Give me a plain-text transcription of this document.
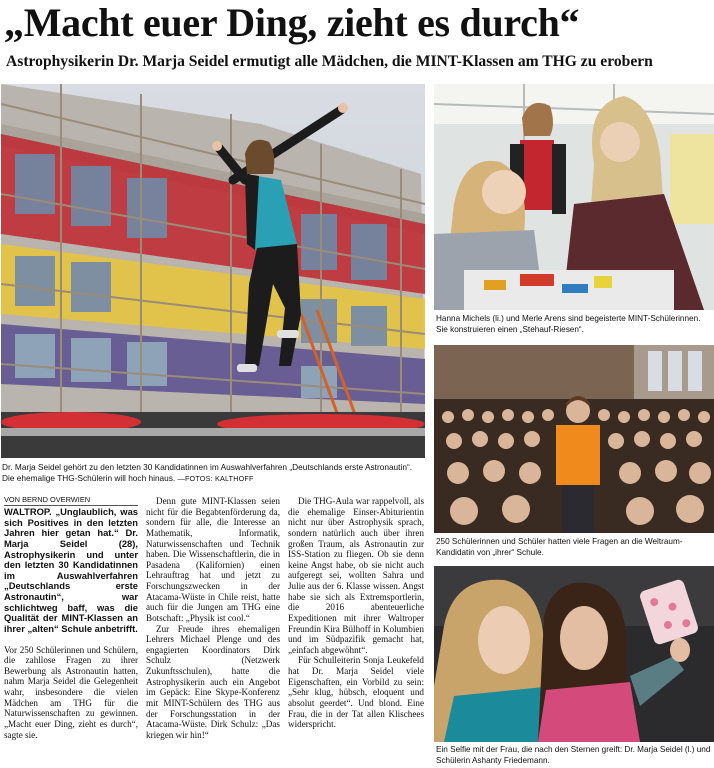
„Macht euer Ding, zieht es durch“
Astrophysikerin Dr. Marja Seidel ermutigt alle Mädchen, die MINT-Klassen am THG zu erobern
Dr. Marja Seidel gehört zu den letzten 30 Kandidatinnen im Auswahlverfahren „Deutschlands erste Astronautin“. Die ehemalige THG-Schülerin will hoch hinaus. —FOTOS: KALTHOFF
Hanna Michels (li.) und Merle Arens sind begeisterte MINT-Schülerinnen. Sie konstruieren einen „Stehauf-Riesen“.
250 Schülerinnen und Schüler hatten viele Fragen an die Weltraum-Kandidatin von „ihrer“ Schule.
Ein Selfie mit der Frau, die nach den Sternen greift: Dr. Marja Seidel (l.) und Schülerin Ashanty Friedemann.
VON BERND OVERWIEN

WALTROP. „Unglaublich, was sich Positives in den letzten Jahren hier getan hat.“ Dr. Marja Seidel (28), Astrophysikerin und unter den letzten 30 Kandidatinnen im Auswahlverfahren „Deutschlands erste Astronautin“, war schlichtweg baff, was die Qualität der MINT-Klassen an ihrer „alten“ Schule anbetrifft.

Vor 250 Schülerinnen und Schülern, die zahllose Fragen zu ihrer Bewerbung als Astronautin hatten, nahm Marja Seidel die Gelegenheit wahr, insbesondere die vielen Mädchen am THG für die Naturwissenschaften zu gewinnen. „Macht euer Ding, zieht es durch“, sagte sie.

Denn gute MINT-Klassen seien nicht für die Begabtenförderung da, sondern für alle, die Interesse an Mathematik, Informatik, Naturwissenschaften und Technik haben. Die Wissenschaftlerin, die in Pasadena (Kalifornien) einen Lehrauftrag hat und jetzt zu Forschungszwecken in der Atacama-Wüste in Chile reist, hatte auch für die Jungen am THG eine Botschaft: „Physik ist cool.“

Zur Freude ihres ehemaligen Lehrers Michael Plenge und des engagierten Koordinators Dirk Schulz (Netzwerk Zukunftsschulen), hatte die Astrophysikerin auch ein Angebot im Gepäck: Eine Skype-Konferenz mit MINT-Schülern des THG aus der Forschungsstation in der Atacama-Wüste. Dirk Schulz: „Das kriegen wir hin!“

Die THG-Aula war rappelvoll, als die ehemalige Einser-Abiturientin nicht nur über Astrophysik sprach, sondern natürlich auch über ihren großen Traum, als Astronautin zur ISS-Station zu fliegen. Ob sie denn keine Angst habe, ob sie nicht auch aufgeregt sei, wollten Sahra und Julie aus der 6. Klasse wissen. Angst habe sie sich als Extremsportlerin, die 2016 abenteuerliche Expeditionen mit ihrer Waltroper Freundin Kira Bülhoff in Kolumbien und im Südpazifik gemacht hat, „einfach abgewöhnt“.

Für Schulleiterin Sonja Leukefeld hat Dr. Marja Seidel viele Eigenschaften, ein Vorbild zu sein: „Sehr klug, hübsch, eloquent und absolut geerdet“. Und blond. Eine Frau, die in der Tat allen Klischees widerspricht.
